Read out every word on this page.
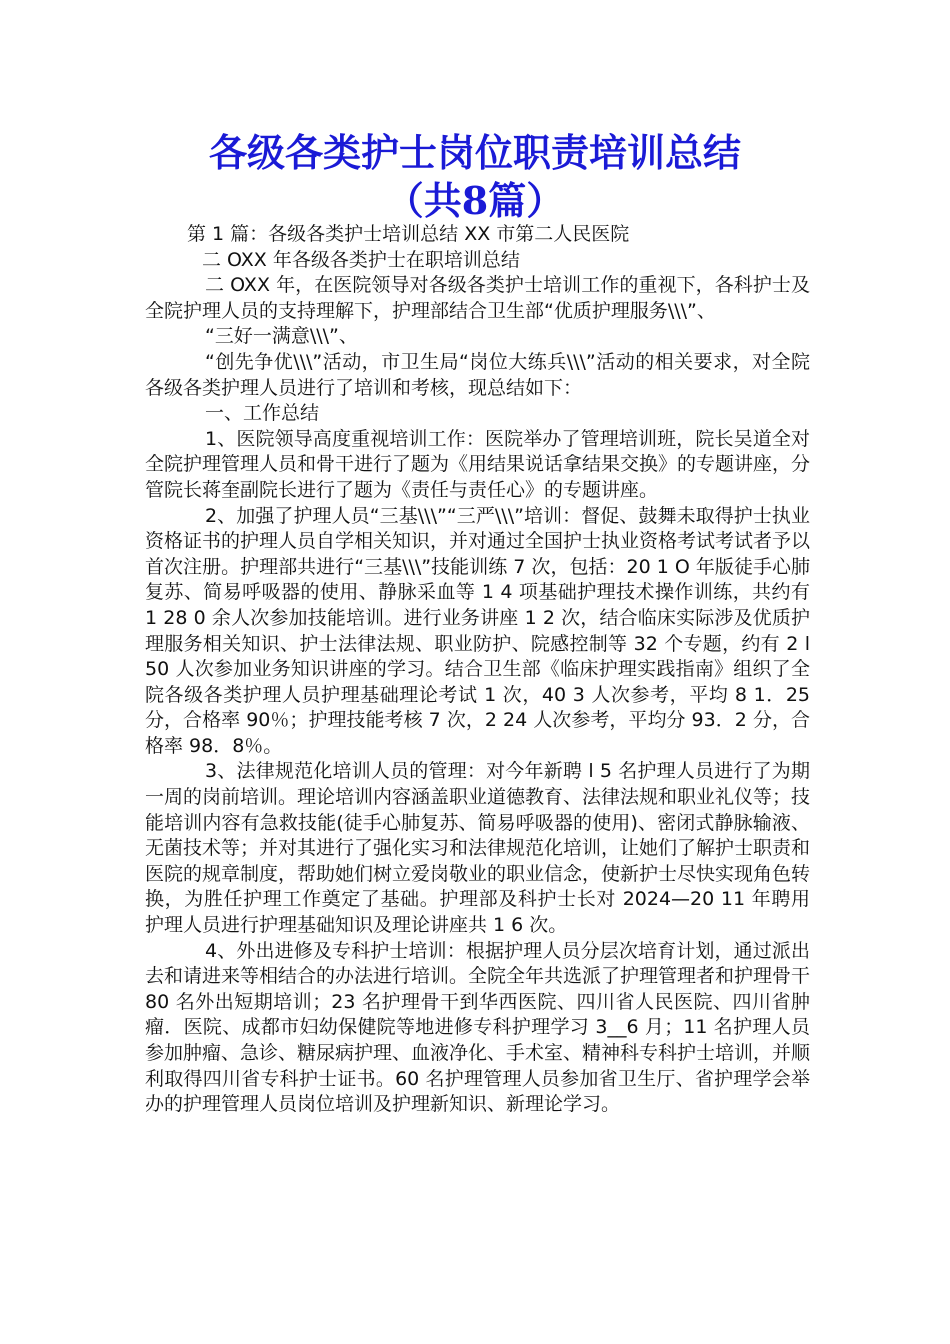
各级各类护士岗位职责培训总结
（共8篇）

第 1 篇：各级各类护士培训总结 XX 市第二人民医院

二 OXX 年各级各类护士在职培训总结

二 OXX 年，在医院领导对各级各类护士培训工作的重视下，各科护士及全院护理人员的支持理解下，护理部结合卫生部“优质护理服务\\\”、

“三好一满意\\\”、

“创先争优\\\”活动，市卫生局“岗位大练兵\\\”活动的相关要求，对全院各级各类护理人员进行了培训和考核，现总结如下：

一、工作总结

1、医院领导高度重视培训工作：医院举办了管理培训班，院长吴道全对全院护理管理人员和骨干进行了题为《用结果说话拿结果交换》的专题讲座，分管院长蒋奎副院长进行了题为《责任与责任心》的专题讲座。

2、加强了护理人员“三基\\\”“三严\\\”培训：督促、鼓舞未取得护士执业资格证书的护理人员自学相关知识，并对通过全国护士执业资格考试考试者予以首次注册。护理部共进行“三基\\\”技能训练 7 次，包括：20 1 O 年版徒手心肺复苏、简易呼吸器的使用、静脉采血等 1 4 项基础护理技术操作训练，共约有 1 28 0 余人次参加技能培训。进行业务讲座 1 2 次，结合临床实际涉及优质护理服务相关知识、护士法律法规、职业防护、院感控制等 32 个专题，约有 2 l 50 人次参加业务知识讲座的学习。结合卫生部《临床护理实践指南》组织了全院各级各类护理人员护理基础理论考试 1 次，40 3 人次参考，平均 8 1．25 分，合格率 90％；护理技能考核 7 次，2 24 人次参考，平均分 93．2 分，合格率 98．8％。

3、法律规范化培训人员的管理：对今年新聘 l 5 名护理人员进行了为期一周的岗前培训。理论培训内容涵盖职业道德教育、法律法规和职业礼仪等；技能培训内容有急救技能(徒手心肺复苏、简易呼吸器的使用)、密闭式静脉输液、无菌技术等；并对其进行了强化实习和法律规范化培训，让她们了解护士职责和医院的规章制度，帮助她们树立爱岗敬业的职业信念，使新护士尽快实现角色转换，为胜任护理工作奠定了基础。护理部及科护士长对 2024—20 11 年聘用护理人员进行护理基础知识及理论讲座共 1 6 次。

4、外出进修及专科护士培训：根据护理人员分层次培育计划，通过派出去和请进来等相结合的办法进行培训。全院全年共选派了护理管理者和护理骨干 80 名外出短期培训；23 名护理骨干到华西医院、四川省人民医院、四川省肿瘤．医院、成都市妇幼保健院等地进修专科护理学习 3__6 月；11 名护理人员参加肿瘤、急诊、糖尿病护理、血液净化、手术室、精神科专科护士培训，并顺利取得四川省专科护士证书。60 名护理管理人员参加省卫生厅、省护理学会举办的护理管理人员岗位培训及护理新知识、新理论学习。
